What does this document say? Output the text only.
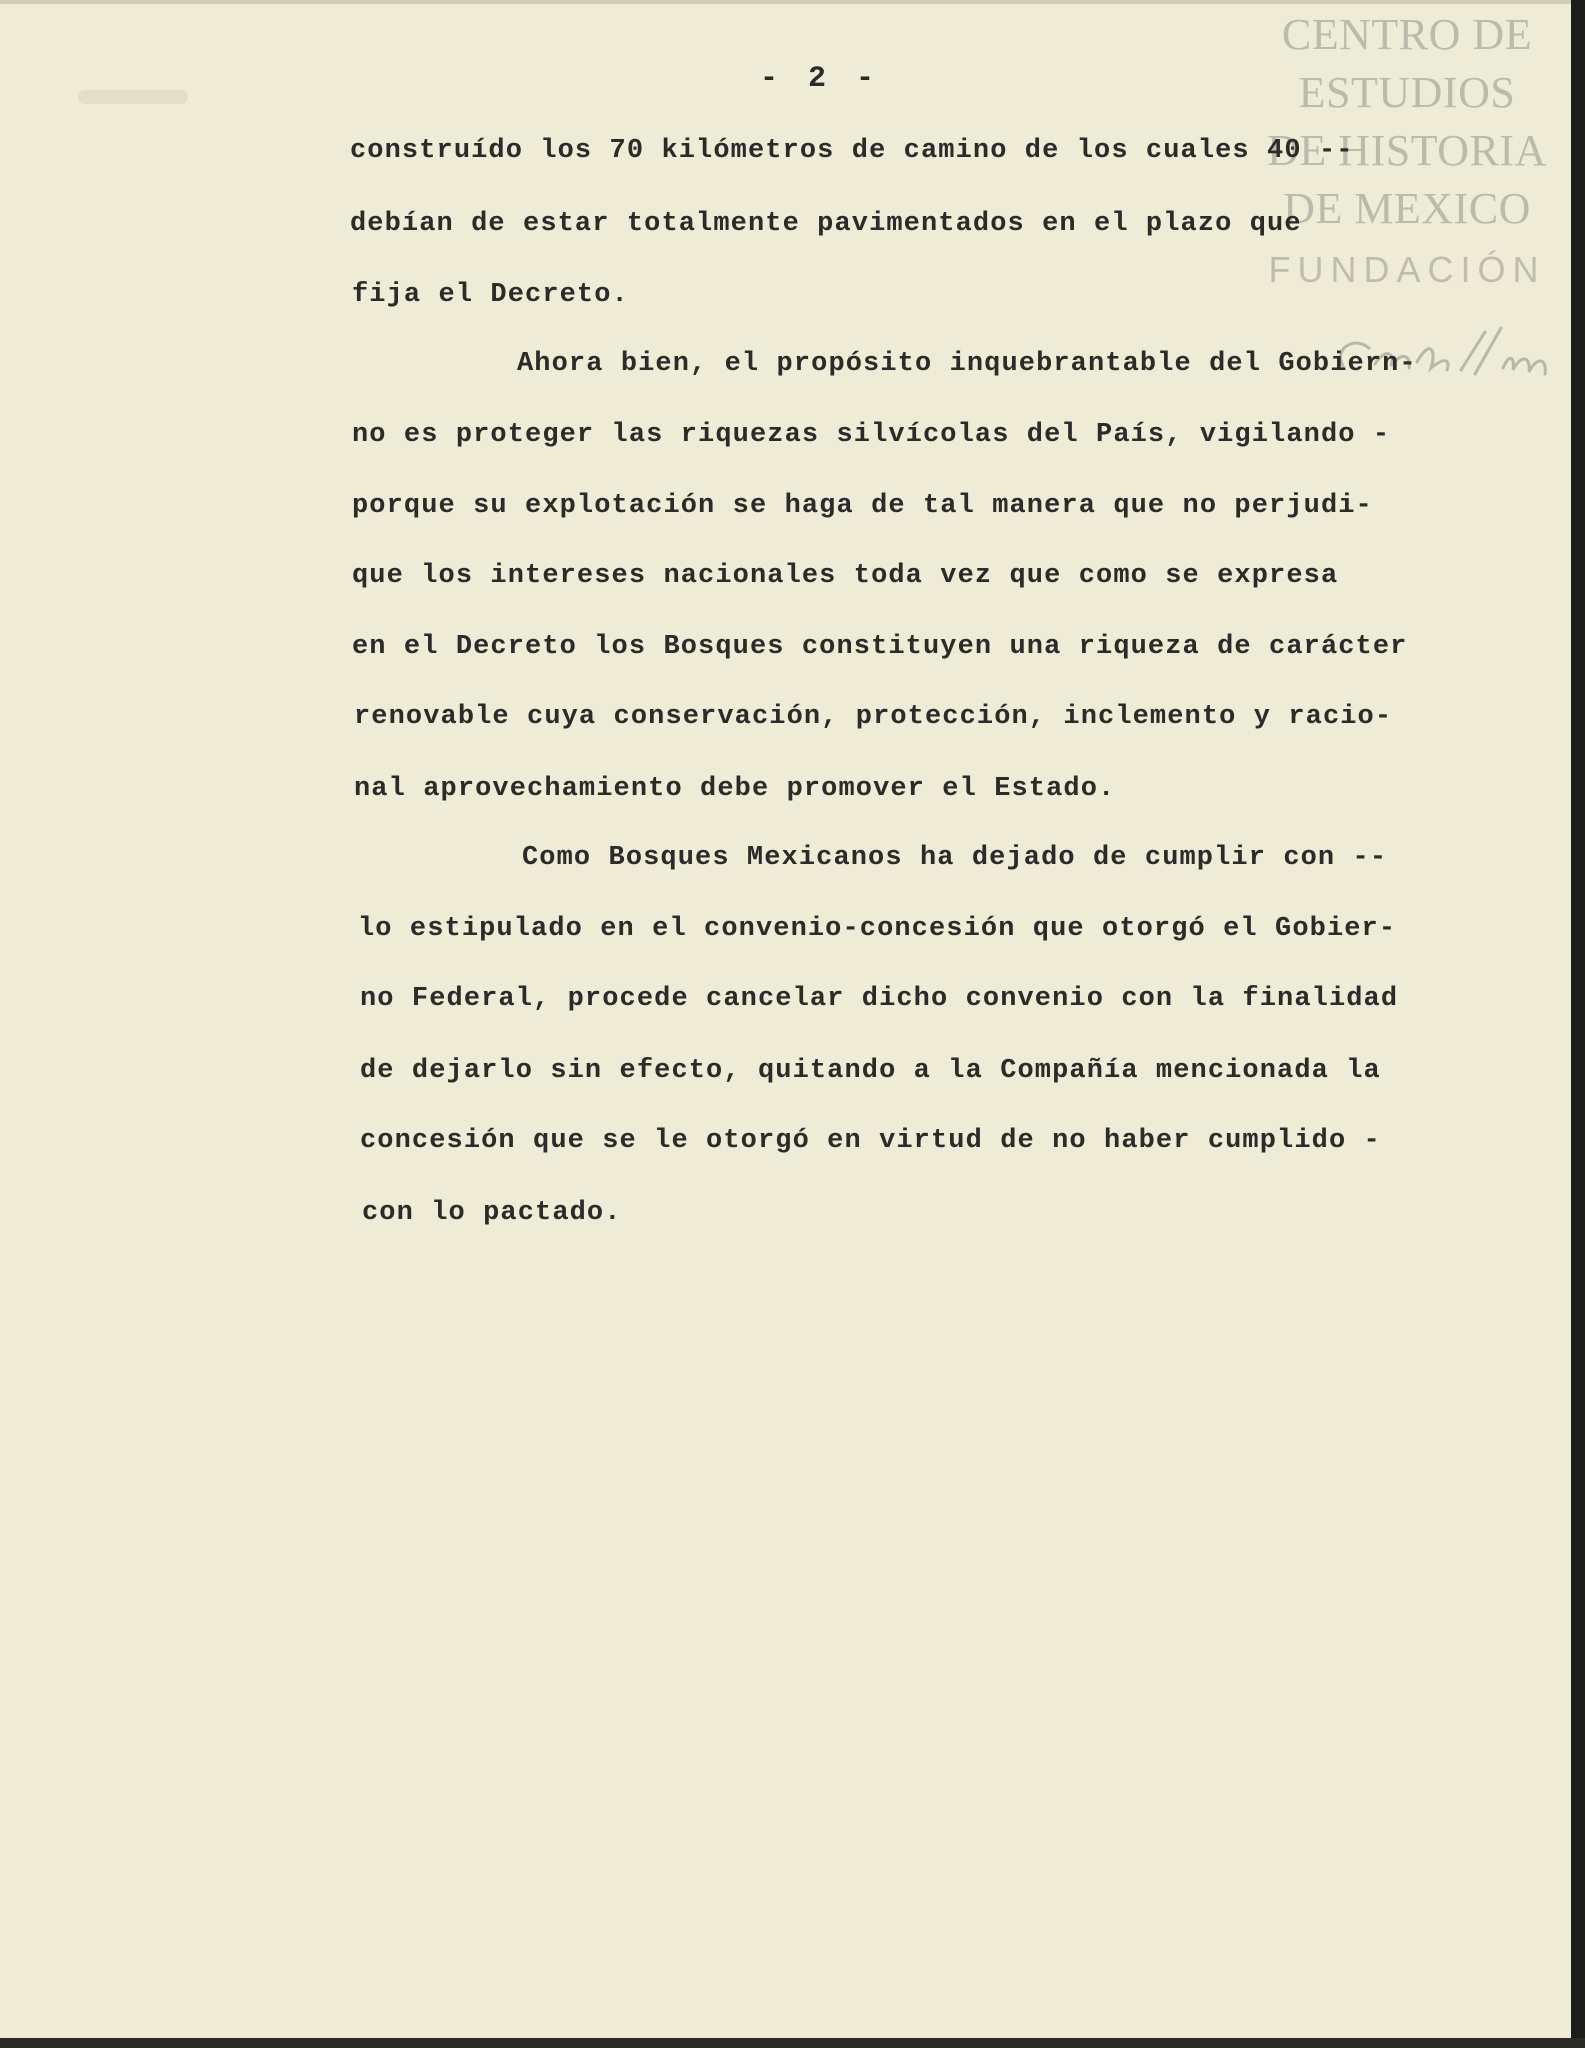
CENTRO DE
ESTUDIOS
DE HISTORIA
DE MEXICO
FUNDACIÓN
- 2 -
construído los 70 kilómetros de camino de los cuales 40 --
debían de estar totalmente pavimentados en el plazo que
fija el Decreto.
Ahora bien, el propósito inquebrantable del Gobiern-
no es proteger las riquezas silvícolas del País, vigilando -
porque su explotación se haga de tal manera que no perjudi-
que los intereses nacionales toda vez que como se expresa
en el Decreto los Bosques constituyen una riqueza de carácter
renovable cuya conservación, protección, inclemento y racio-
nal aprovechamiento debe promover el Estado.
Como Bosques Mexicanos ha dejado de cumplir con --
lo estipulado en el convenio-concesión que otorgó el Gobier-
no Federal, procede cancelar dicho convenio con la finalidad
de dejarlo sin efecto, quitando a la Compañía mencionada la
concesión que se le otorgó en virtud de no haber cumplido -
con lo pactado.
